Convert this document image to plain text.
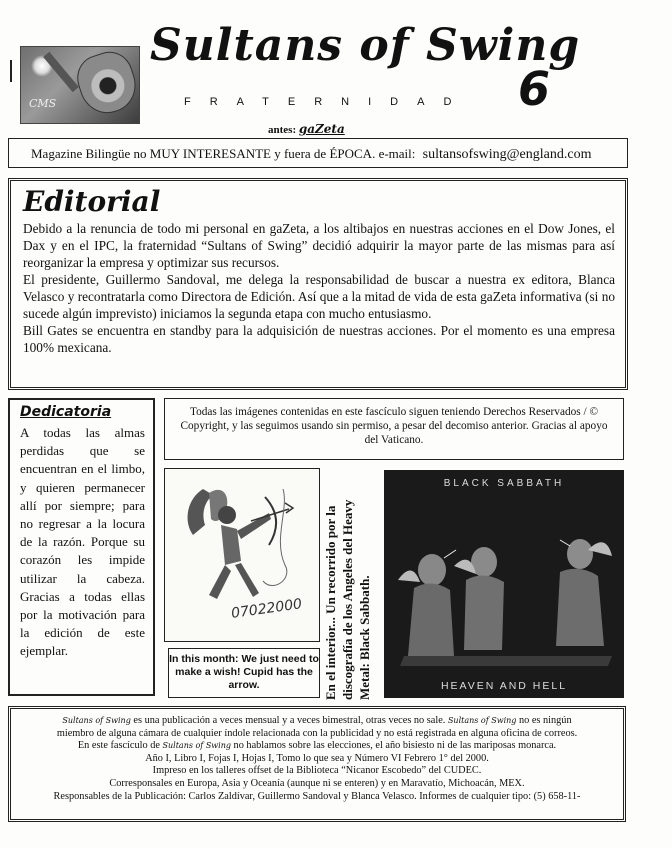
CMS
Sultans of Swing
FRATERNIDAD 6
antes: gaZeta
Magazine Bilingüe no MUY INTERESANTE y fuera de ÉPOCA. e-mail: sultansofswing@england.com
Editorial

Debido a la renuncia de todo mi personal en gaZeta, a los altibajos en nuestras acciones en el Dow Jones, el Dax y en el IPC, la fraternidad “Sultans of Swing” decidió adquirir la mayor parte de las mismas para así reorganizar la empresa y optimizar sus recursos.

El presidente, Guillermo Sandoval, me delega la responsabilidad de buscar a nuestra ex editora, Blanca Velasco y recontratarla como Directora de Edición. Así que a la mitad de vida de esta gaZeta informativa (si no sucede algún imprevisto) iniciamos la segunda etapa con mucho entusiasmo.

Bill Gates se encuentra en standby para la adquisición de nuestras acciones. Por el momento es una empresa 100% mexicana.

Dedicatoria

A todas las almas perdidas que se encuentran en el limbo, y quieren permanecer allí por siempre; para no regresar a la locura de la razón. Porque su corazón les impide utilizar la cabeza. Gracias a todas ellas por la motivación para la edición de este ejemplar.

Todas las imágenes contenidas en este fascículo siguen teniendo Derechos Reservados / © Copyright, y las seguimos usando sin permiso, a pesar del decomiso anterior. Gracias al apoyo del Vaticano.
07022000
In this month: We just need to make a wish! Cupid has the arrow.	En el interior... Un recorrido por la discografía de los Angeles del Heavy Metal: Black Sabbath.
BLACK SABBATH
HEAVEN AND HELL
Sultans of Swing es una publicación a veces mensual y a veces bimestral, otras veces no sale. Sultans of Swing no es ningún
miembro de alguna cámara de cualquier índole relacionada con la publicidad y no está registrada en alguna oficina de correos.
En este fascículo de Sultans of Swing no hablamos sobre las elecciones, el año bisiesto ni de las mariposas monarca.
Año I, Libro I, Fojas I, Hojas I, Tomo lo que sea y Número VI Febrero 1° del 2000.
Impreso en los talleres offset de la Biblioteca “Nicanor Escobedo” del CUDEC.
Corresponsales en Europa, Asia y Oceanía (aunque ni se enteren) y en Maravatío, Michoacán, MEX.
Responsables de la Publicación: Carlos Zaldívar, Guillermo Sandoval y Blanca Velasco. Informes de cualquier tipo: (5) 658-11-
